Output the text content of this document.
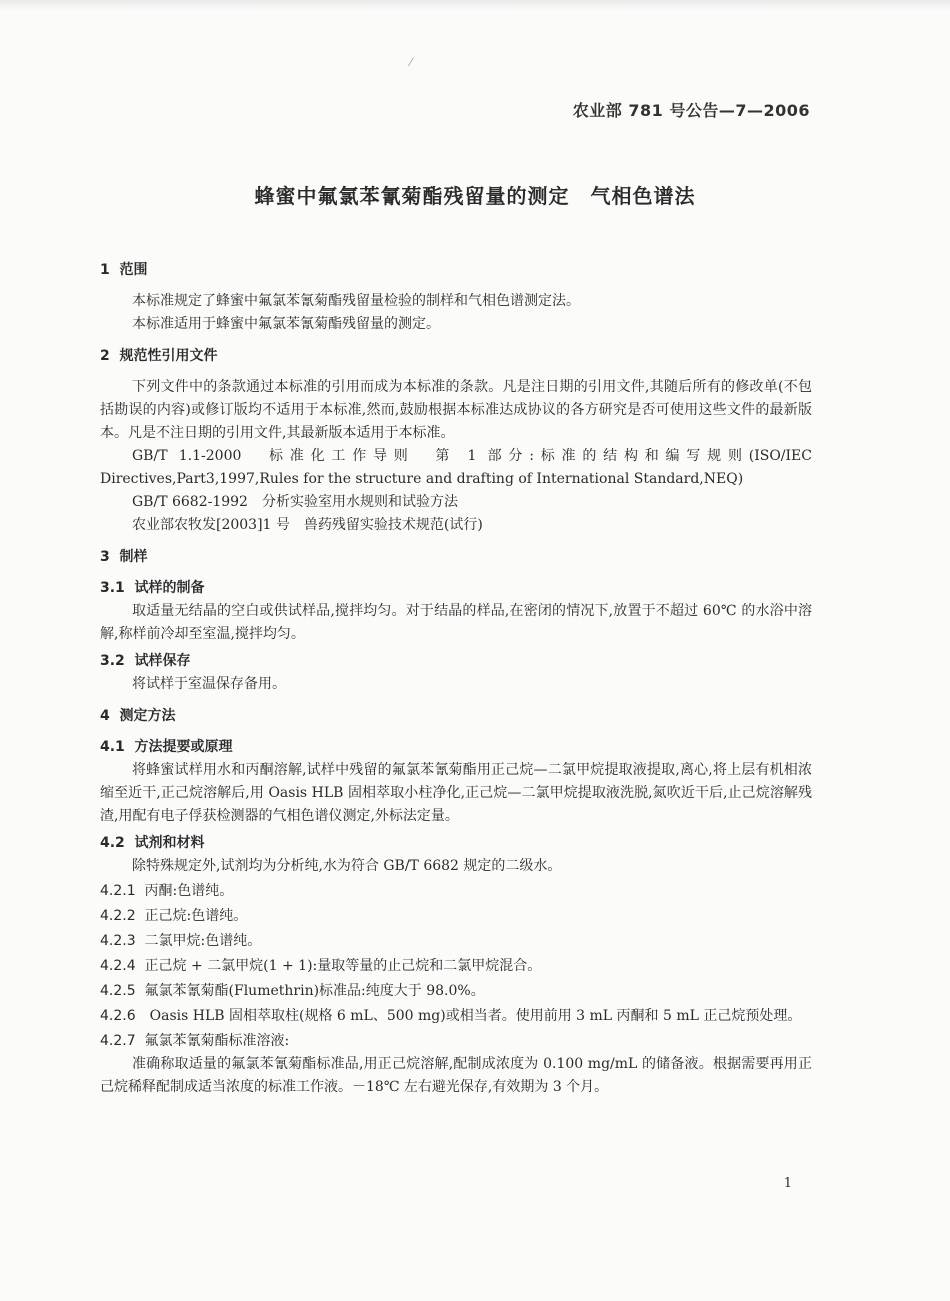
⁄
农业部 781 号公告—7—2006
蜂蜜中氟氯苯氰菊酯残留量的测定　气相色谱法
1  范围
本标准规定了蜂蜜中氟氯苯氰菊酯残留量检验的制样和气相色谱测定法。
本标准适用于蜂蜜中氟氯苯氰菊酯残留量的测定。
2  规范性引用文件
下列文件中的条款通过本标准的引用而成为本标准的条款。凡是注日期的引用文件,其随后所有的修改单(不包括勘误的内容)或修订版均不适用于本标准,然而,鼓励根据本标准达成协议的各方研究是否可使用这些文件的最新版本。凡是不注日期的引用文件,其最新版本适用于本标准。
GB/T 1.1-2000　标准化工作导则　第 1 部分:标准的结构和编写规则(ISO/IEC Directives,Part3,1997,Rules for the structure and drafting of International Standard,NEQ)
GB/T 6682-1992　分析实验室用水规则和试验方法
农业部农牧发[2003]1 号　兽药残留实验技术规范(试行)
3  制样
3.1  试样的制备
取适量无结晶的空白或供试样品,搅拌均匀。对于结晶的样品,在密闭的情况下,放置于不超过 60℃ 的水浴中溶解,称样前冷却至室温,搅拌均匀。
3.2  试样保存
将试样于室温保存备用。
4  测定方法
4.1  方法提要或原理
将蜂蜜试样用水和丙酮溶解,试样中残留的氟氯苯氰菊酯用正己烷—二氯甲烷提取液提取,离心,将上层有机相浓缩至近干,正己烷溶解后,用 Oasis HLB 固相萃取小柱净化,正己烷—二氯甲烷提取液洗脱,氮吹近干后,止己烷溶解残渣,用配有电子俘获检测器的气相色谱仪测定,外标法定量。
4.2  试剂和材料
除特殊规定外,试剂均为分析纯,水为符合 GB/T 6682 规定的二级水。
4.2.1 丙酮:色谱纯。
4.2.2 正己烷:色谱纯。
4.2.3 二氯甲烷:色谱纯。
4.2.4 正己烷 + 二氯甲烷(1 + 1):量取等量的止己烷和二氯甲烷混合。
4.2.5 氟氯苯氰菊酯(Flumethrin)标准品:纯度大于 98.0%。
4.2.6　 Oasis HLB 固相萃取柱(规格 6 mL、500 mg)或相当者。使用前用 3 mL 丙酮和 5 mL 正己烷预处理。
4.2.7 氟氯苯氰菊酯标准溶液:
准确称取适量的氟氯苯氰菊酯标准品,用正己烷溶解,配制成浓度为 0.100 mg/mL 的储备液。根据需要再用正己烷稀释配制成适当浓度的标准工作液。－18℃ 左右避光保存,有效期为 3 个月。
1
